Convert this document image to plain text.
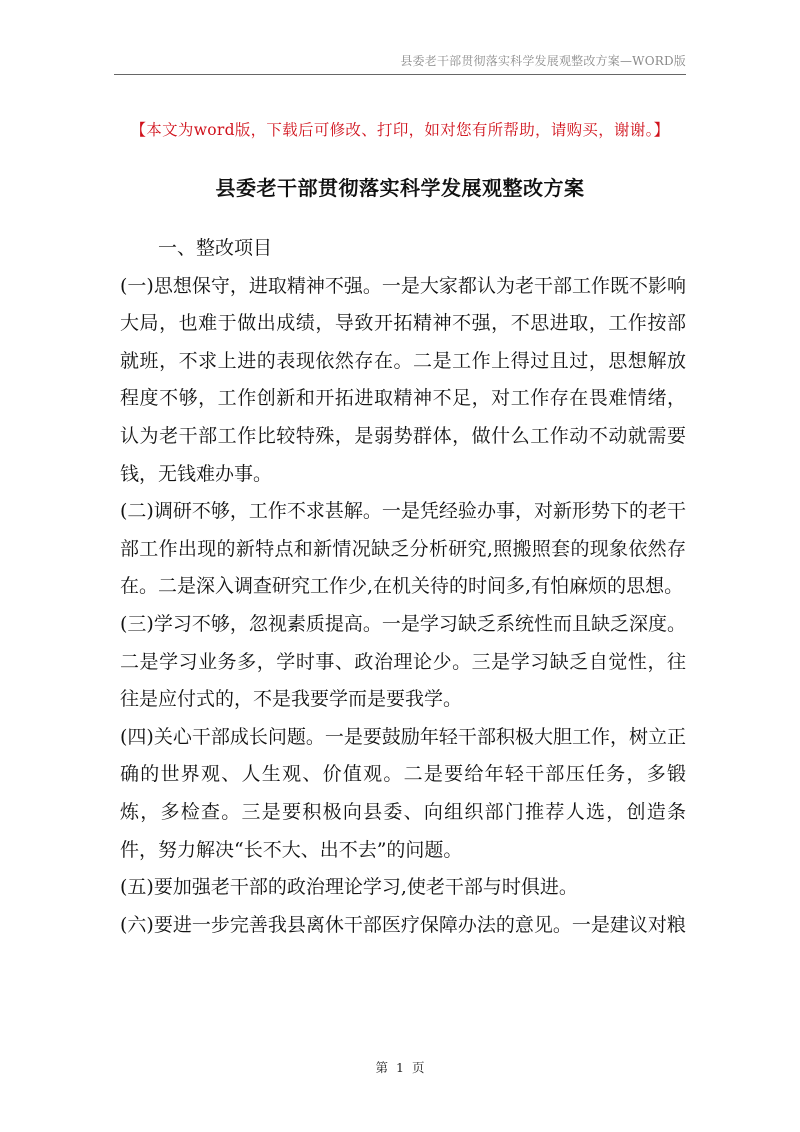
县委老干部贯彻落实科学发展观整改方案—WORD版
【本文为word版，下载后可修改、打印，如对您有所帮助，请购买，谢谢。】
县委老干部贯彻落实科学发展观整改方案

一、整改项目

(一)思想保守，进取精神不强。一是大家都认为老干部工作既不影响大局，也难于做出成绩，导致开拓精神不强，不思进取，工作按部就班，不求上进的表现依然存在。二是工作上得过且过，思想解放程度不够，工作创新和开拓进取精神不足，对工作存在畏难情绪，认为老干部工作比较特殊，是弱势群体，做什么工作动不动就需要钱，无钱难办事。

(二)调研不够，工作不求甚解。一是凭经验办事，对新形势下的老干部工作出现的新特点和新情况缺乏分析研究,照搬照套的现象依然存在。二是深入调查研究工作少,在机关待的时间多,有怕麻烦的思想。

(三)学习不够，忽视素质提高。一是学习缺乏系统性而且缺乏深度。二是学习业务多，学时事、政治理论少。三是学习缺乏自觉性，往往是应付式的，不是我要学而是要我学。

(四)关心干部成长问题。一是要鼓励年轻干部积极大胆工作，树立正确的世界观、人生观、价值观。二是要给年轻干部压任务，多锻炼，多检查。三是要积极向县委、向组织部门推荐人选，创造条件，努力解决“长不大、出不去”的问题。

(五)要加强老干部的政治理论学习,使老干部与时俱进。

(六)要进一步完善我县离休干部医疗保障办法的意见。一是建议对粮

第 1 页
